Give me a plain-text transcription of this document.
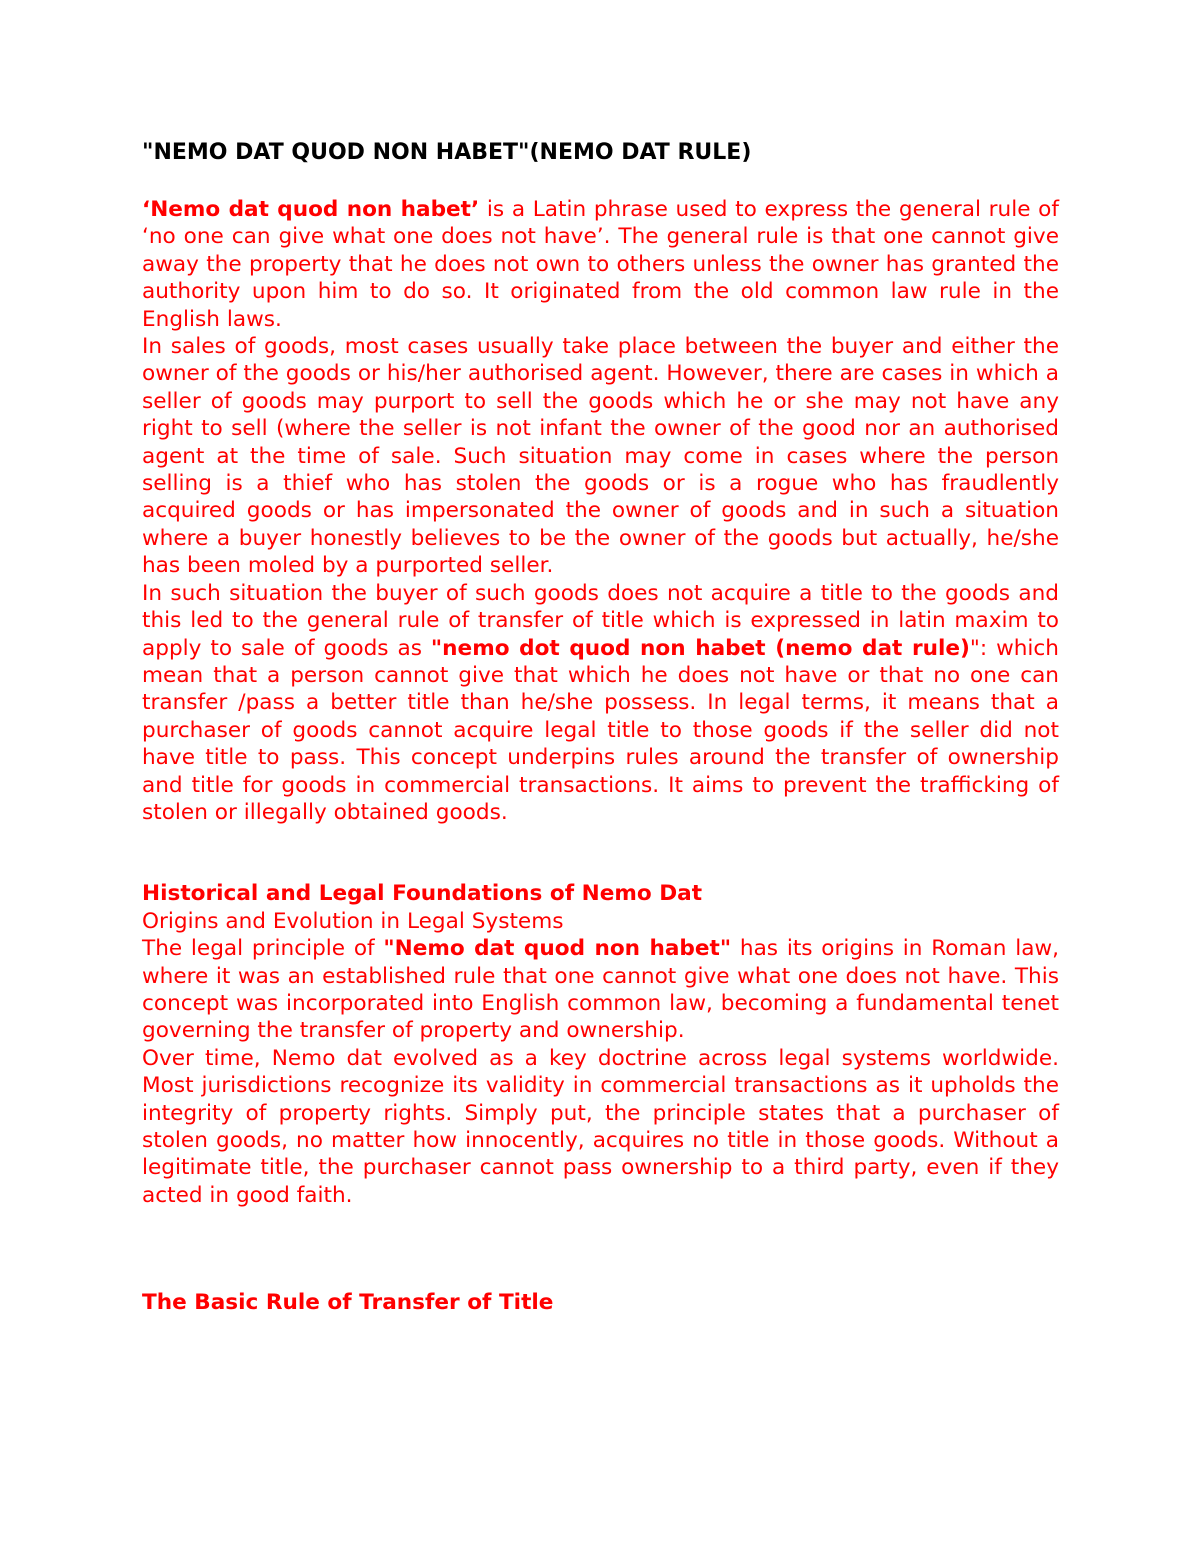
"NEMO DAT QUOD NON HABET"(NEMO DAT RULE)

‘Nemo dat quod non habet’ is a Latin phrase used to express the general rule of ‘no one can give what one does not have’. The general rule is that one cannot give away the property that he does not own to others unless the owner has granted the authority upon him to do so. It originated from the old common law rule in the English laws.

In sales of goods, most cases usually take place between the buyer and either the owner of the goods or his/her authorised agent. However, there are cases in which a seller of goods may purport to sell the goods which he or she may not have any right to sell (where the seller is not infant the owner of the good nor an authorised agent at the time of sale. Such situation may come in cases where the person selling is a thief who has stolen the goods or is a rogue who has fraudlently acquired goods or has impersonated the owner of goods and in such a situation where a buyer honestly believes to be the owner of the goods but actually, he/she has been moled by a purported seller.

In such situation the buyer of such goods does not acquire a title to the goods and this led to the general rule of transfer of title which is expressed in latin maxim to apply to sale of goods as "nemo dot quod non habet (nemo dat rule)": which mean that a person cannot give that which he does not have or that no one can transfer /pass a better title than he/she possess. In legal terms, it means that a purchaser of goods cannot acquire legal title to those goods if the seller did not have title to pass. This concept underpins rules around the transfer of ownership and title for goods in commercial transactions. It aims to prevent the trafficking of stolen or illegally obtained goods.

Historical and Legal Foundations of Nemo Dat

Origins and Evolution in Legal Systems

The legal principle of "Nemo dat quod non habet" has its origins in Roman law, where it was an established rule that one cannot give what one does not have. This concept was incorporated into English common law, becoming a fundamental tenet governing the transfer of property and ownership.

Over time, Nemo dat evolved as a key doctrine across legal systems worldwide. Most jurisdictions recognize its validity in commercial transactions as it upholds the integrity of property rights. Simply put, the principle states that a purchaser of stolen goods, no matter how innocently, acquires no title in those goods. Without a legitimate title, the purchaser cannot pass ownership to a third party, even if they acted in good faith.

The Basic Rule of Transfer of Title
